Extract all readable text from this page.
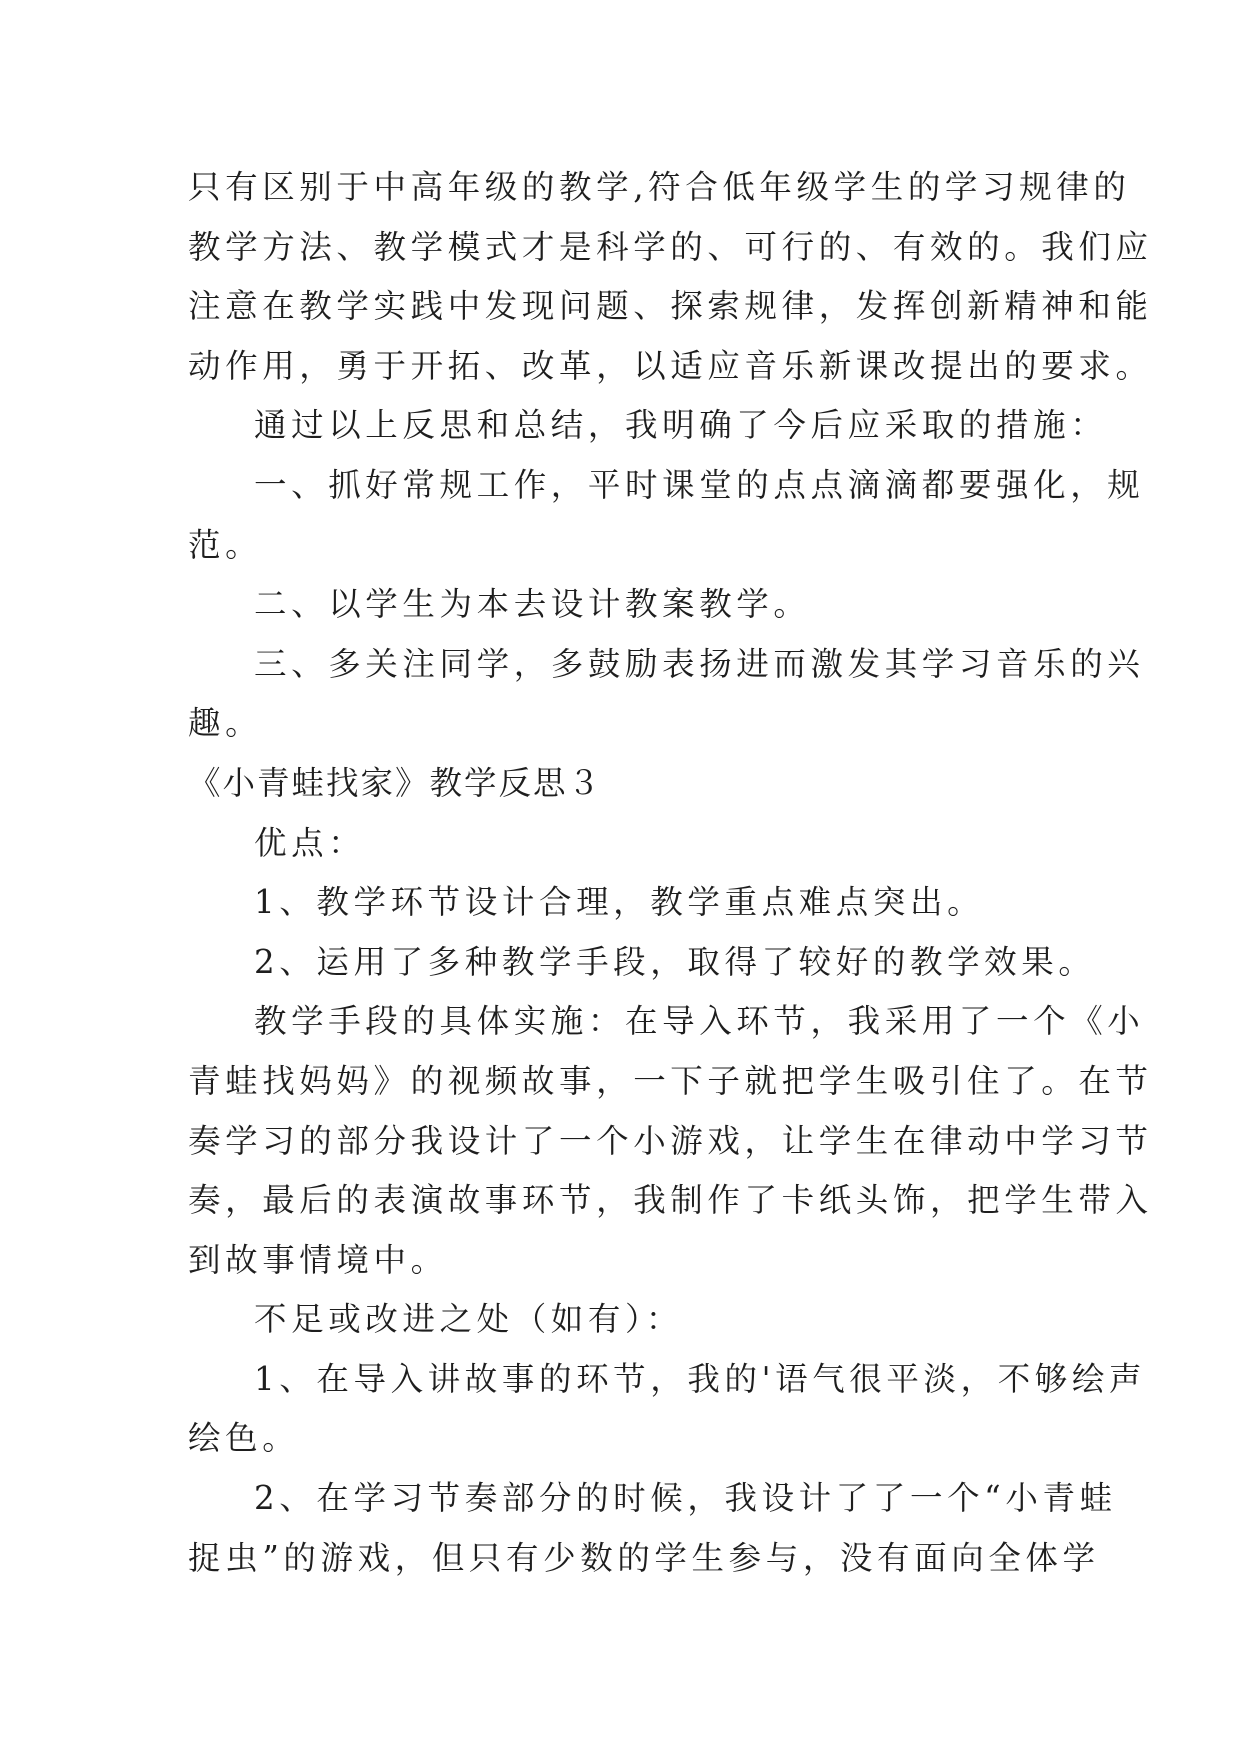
只有区别于中高年级的教学,符合低年级学生的学习规律的
教学方法、教学模式才是科学的、可行的、有效的。我们应
注意在教学实践中发现问题、探索规律，发挥创新精神和能
动作用，勇于开拓、改革，以适应音乐新课改提出的要求。
通过以上反思和总结，我明确了今后应采取的措施：
一、抓好常规工作，平时课堂的点点滴滴都要强化，规
范。
二、以学生为本去设计教案教学。
三、多关注同学，多鼓励表扬进而激发其学习音乐的兴
趣。
《小青蛙找家》教学反思３
优点：
1、教学环节设计合理，教学重点难点突出。
2、运用了多种教学手段，取得了较好的教学效果。
教学手段的具体实施：在导入环节，我采用了一个《小
青蛙找妈妈》的视频故事，一下子就把学生吸引住了。在节
奏学习的部分我设计了一个小游戏，让学生在律动中学习节
奏，最后的表演故事环节，我制作了卡纸头饰，把学生带入
到故事情境中。
不足或改进之处（如有）：
1、在导入讲故事的环节，我的'语气很平淡，不够绘声
绘色。
2、在学习节奏部分的时候，我设计了了一个“小青蛙
捉虫”的游戏，但只有少数的学生参与，没有面向全体学
